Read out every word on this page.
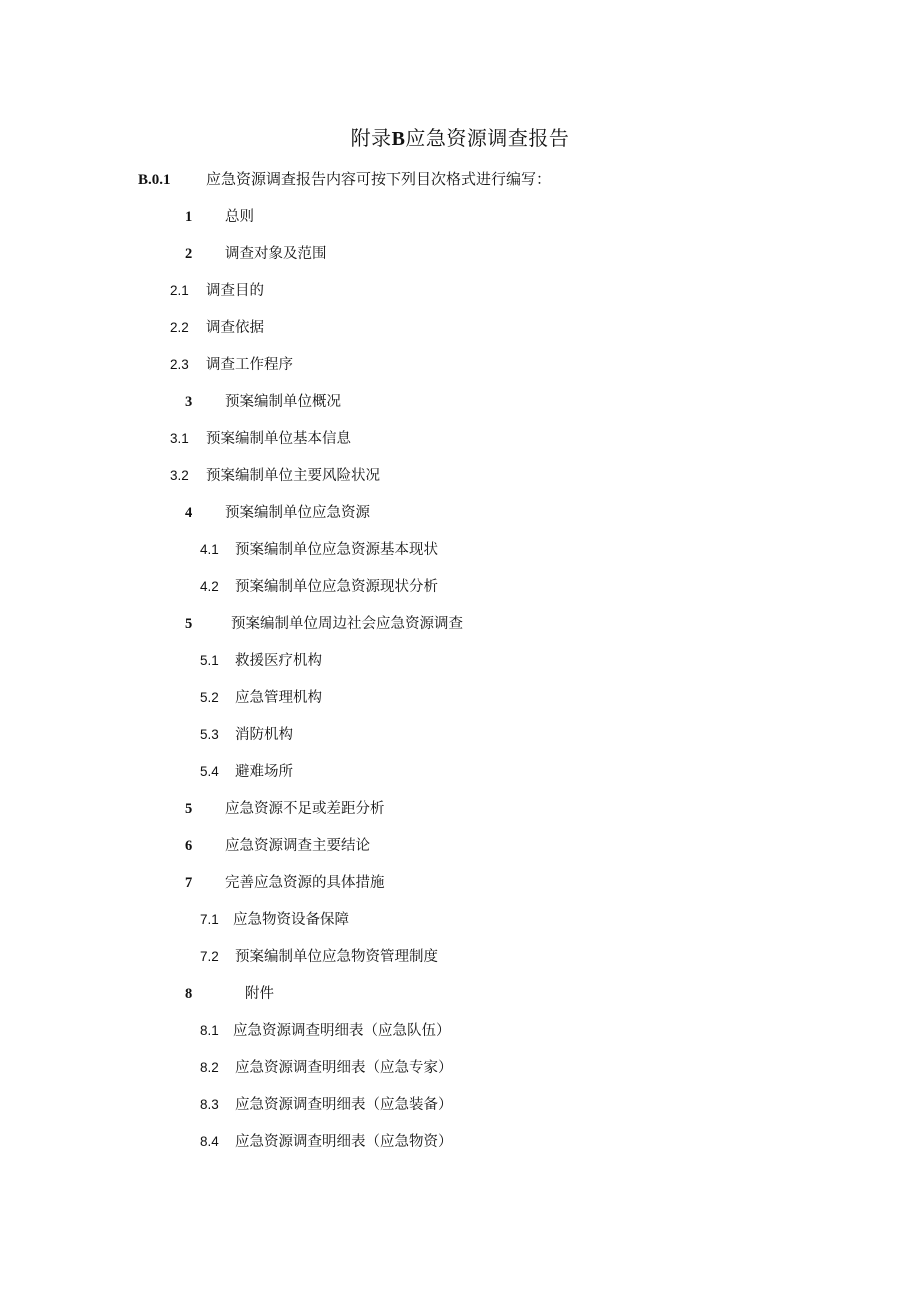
附录B应急资源调查报告
B.0.1 应急资源调查报告内容可按下列目次格式进行编写：
1 总则
2 调查对象及范围
2.1 调查目的
2.2 调查依据
2.3 调查工作程序
3 预案编制单位概况
3.1 预案编制单位基本信息
3.2 预案编制单位主要风险状况
4 预案编制单位应急资源
4.1 预案编制单位应急资源基本现状
4.2 预案编制单位应急资源现状分析
5	预案编制单位周边社会应急资源调查
5.1 救援医疗机构
5.2 应急管理机构
5.3 消防机构
5.4 避难场所
5 应急资源不足或差距分析
6 应急资源调查主要结论
7 完善应急资源的具体措施
7.1 应急物资设备保障
7.2 预案编制单位应急物资管理制度
8	附件
8.1 应急资源调查明细表（应急队伍）
8.2 应急资源调查明细表（应急专家）
8.3 应急资源调查明细表（应急装备）
8.4 应急资源调查明细表（应急物资）
